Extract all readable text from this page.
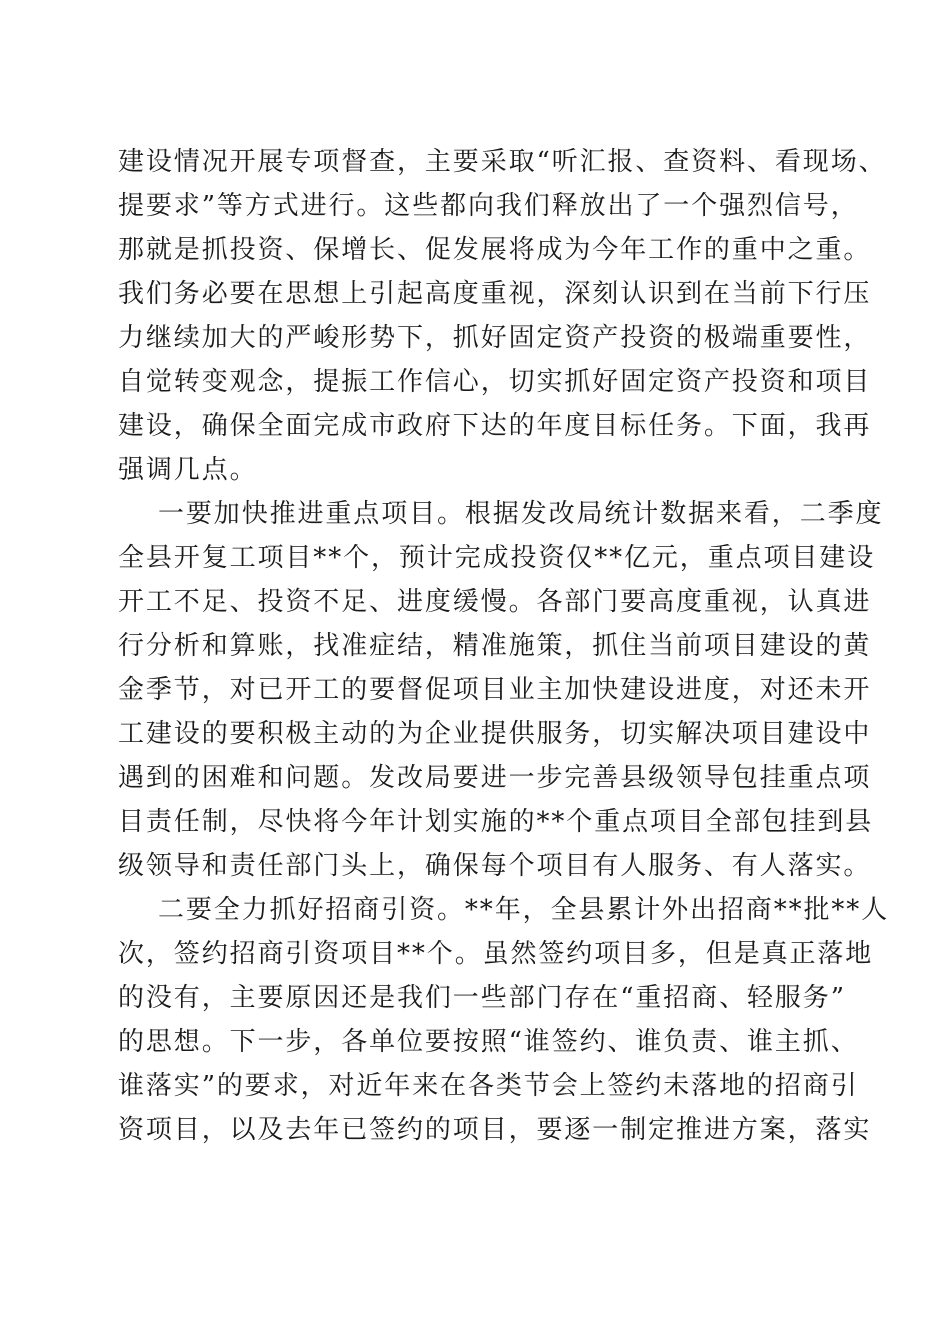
建设情况开展专项督查，主要采取“听汇报、查资料、看现场、
提要求”等方式进行。这些都向我们释放出了一个强烈信号，
那就是抓投资、保增长、促发展将成为今年工作的重中之重。
我们务必要在思想上引起高度重视，深刻认识到在当前下行压
力继续加大的严峻形势下，抓好固定资产投资的极端重要性，
自觉转变观念，提振工作信心，切实抓好固定资产投资和项目
建设，确保全面完成市政府下达的年度目标任务。下面，我再
强调几点。
一要加快推进重点项目。根据发改局统计数据来看，二季度
全县开复工项目**个，预计完成投资仅**亿元，重点项目建设
开工不足、投资不足、进度缓慢。各部门要高度重视，认真进
行分析和算账，找准症结，精准施策，抓住当前项目建设的黄
金季节，对已开工的要督促项目业主加快建设进度，对还未开
工建设的要积极主动的为企业提供服务，切实解决项目建设中
遇到的困难和问题。发改局要进一步完善县级领导包挂重点项
目责任制，尽快将今年计划实施的**个重点项目全部包挂到县
级领导和责任部门头上，确保每个项目有人服务、有人落实。
二要全力抓好招商引资。**年，全县累计外出招商**批**人
次，签约招商引资项目**个。虽然签约项目多，但是真正落地
的没有，主要原因还是我们一些部门存在“重招商、轻服务”
的思想。下一步，各单位要按照“谁签约、谁负责、谁主抓、
谁落实”的要求，对近年来在各类节会上签约未落地的招商引
资项目，以及去年已签约的项目，要逐一制定推进方案，落实
